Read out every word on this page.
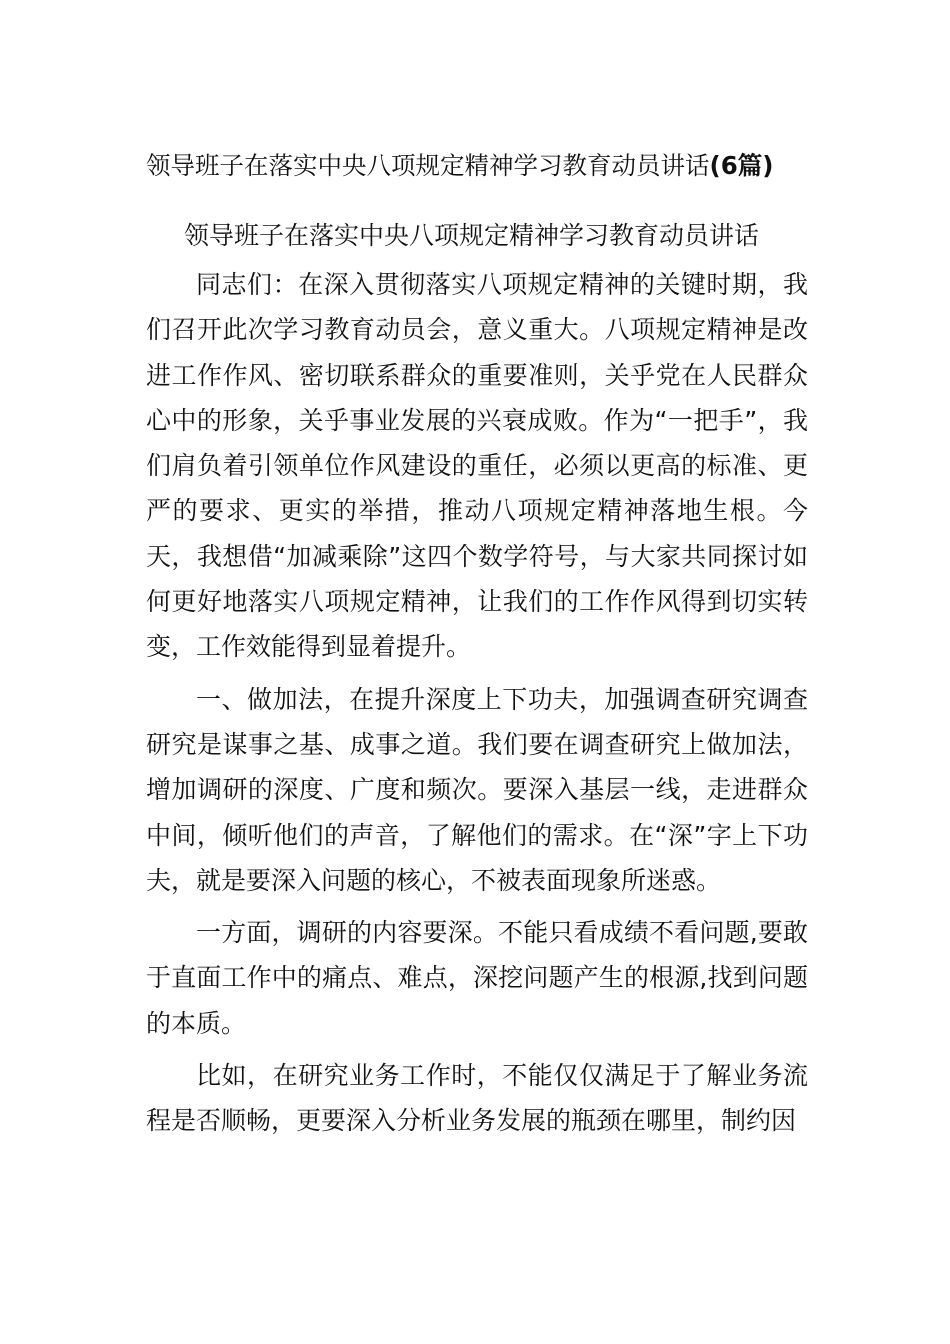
领导班子在落实中央八项规定精神学习教育动员讲话(6篇)
领导班子在落实中央八项规定精神学习教育动员讲话

同志们：在深入贯彻落实八项规定精神的关键时期，我们召开此次学习教育动员会，意义重大。八项规定精神是改进工作作风、密切联系群众的重要准则，关乎党在人民群众心中的形象，关乎事业发展的兴衰成败。作为“一把手”，我们肩负着引领单位作风建设的重任，必须以更高的标准、更严的要求、更实的举措，推动八项规定精神落地生根。今天，我想借“加减乘除”这四个数学符号，与大家共同探讨如何更好地落实八项规定精神，让我们的工作作风得到切实转变，工作效能得到显着提升。

一、做加法，在提升深度上下功夫，加强调查研究调查研究是谋事之基、成事之道。我们要在调查研究上做加法，增加调研的深度、广度和频次。要深入基层一线，走进群众中间，倾听他们的声音，了解他们的需求。在“深”字上下功夫，就是要深入问题的核心，不被表面现象所迷惑。

一方面，调研的内容要深。不能只看成绩不看问题,要敢于直面工作中的痛点、难点，深挖问题产生的根源,找到问题的本质。

比如，在研究业务工作时，不能仅仅满足于了解业务流程是否顺畅，更要深入分析业务发展的瓶颈在哪里，制约因
